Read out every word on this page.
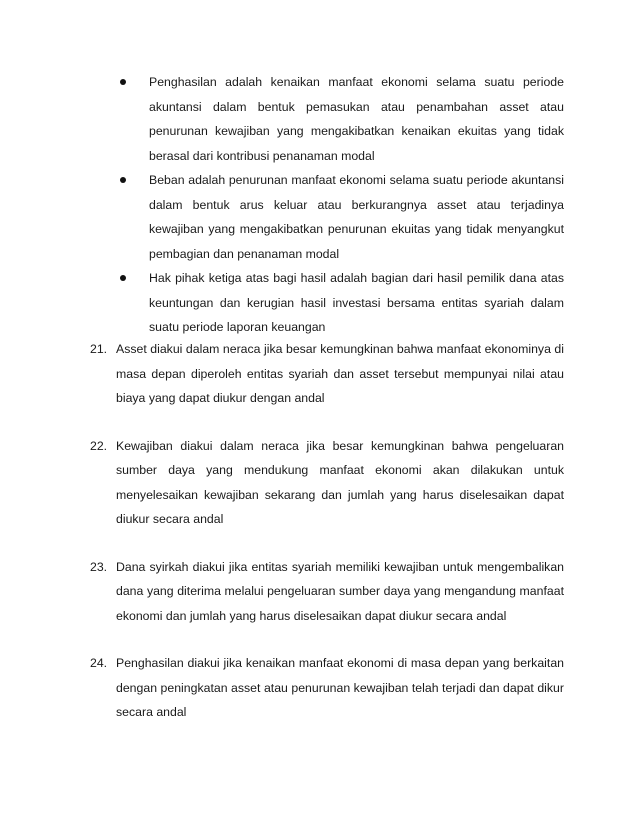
Penghasilan adalah kenaikan manfaat ekonomi selama suatu periode akuntansi dalam bentuk pemasukan atau penambahan asset atau penurunan kewajiban yang mengakibatkan kenaikan ekuitas yang tidak berasal dari kontribusi penanaman modal
Beban adalah penurunan manfaat ekonomi selama suatu periode akuntansi dalam bentuk arus keluar atau berkurangnya asset atau terjadinya kewajiban yang mengakibatkan penurunan ekuitas yang tidak menyangkut pembagian dan penanaman modal
Hak pihak ketiga atas bagi hasil adalah bagian dari hasil pemilik dana atas keuntungan dan kerugian hasil investasi bersama entitas syariah dalam suatu periode laporan keuangan
21. Asset diakui dalam neraca jika besar kemungkinan bahwa manfaat ekonominya di masa depan diperoleh entitas syariah dan asset tersebut mempunyai nilai atau biaya yang dapat diukur dengan andal
22. Kewajiban diakui dalam neraca jika besar kemungkinan bahwa pengeluaran sumber daya yang mendukung manfaat ekonomi akan dilakukan untuk menyelesaikan kewajiban sekarang dan jumlah yang harus diselesaikan dapat diukur secara andal
23. Dana syirkah diakui jika entitas syariah memiliki kewajiban untuk mengembalikan dana yang diterima melalui pengeluaran sumber daya yang mengandung manfaat ekonomi dan jumlah yang harus diselesaikan dapat diukur secara andal
24. Penghasilan diakui jika kenaikan manfaat ekonomi di masa depan yang berkaitan dengan peningkatan asset atau penurunan kewajiban telah terjadi dan dapat dikur secara andal
